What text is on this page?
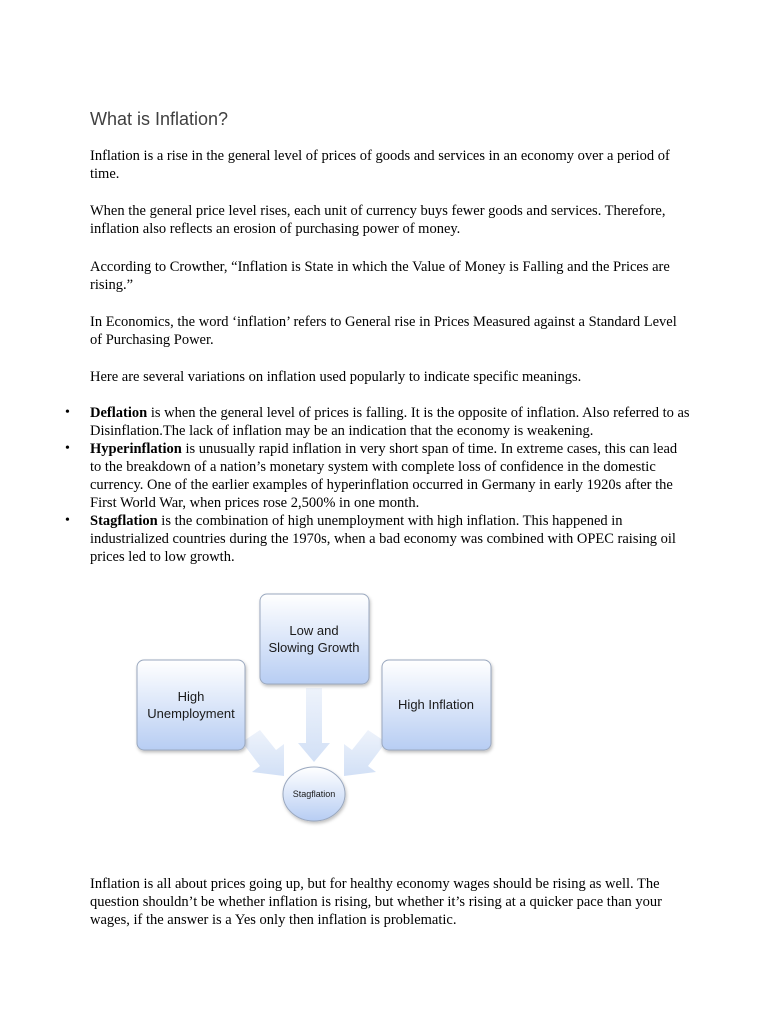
What is Inflation?

Inflation is a rise in the general level of prices of goods and services in an economy over a period of time.

When the general price level rises, each unit of currency buys fewer goods and services. Therefore, inflation also reflects an erosion of purchasing power of money.

According to Crowther, “Inflation is State in which the Value of Money is Falling and the Prices are rising.”

In Economics, the word ‘inflation’ refers to General rise in Prices Measured against a Standard Level of Purchasing Power.

Here are several variations on inflation used popularly to indicate specific meanings.

• Deflation is when the general level of prices is falling. It is the opposite of inflation. Also referred to as Disinflation.The lack of inflation may be an indication that the economy is weakening.
• Hyperinflation is unusually rapid inflation in very short span of time. In extreme cases, this can lead to the breakdown of a nation’s monetary system with complete loss of confidence in the domestic currency. One of the earlier examples of hyperinflation occurred in Germany in early 1920s after the First World War, when prices rose 2,500% in one month.
• Stagflation is the combination of high unemployment with high inflation. This happened in industrialized countries during the 1970s, when a bad economy was combined with OPEC raising oil prices led to low growth.
Low and
Slowing Growth
High
Unemployment
High Inflation
Stagflation

Inflation is all about prices going up, but for healthy economy wages should be rising as well. The question shouldn’t be whether inflation is rising, but whether it’s rising at a quicker pace than your wages, if the answer is a Yes only then inflation is problematic.
